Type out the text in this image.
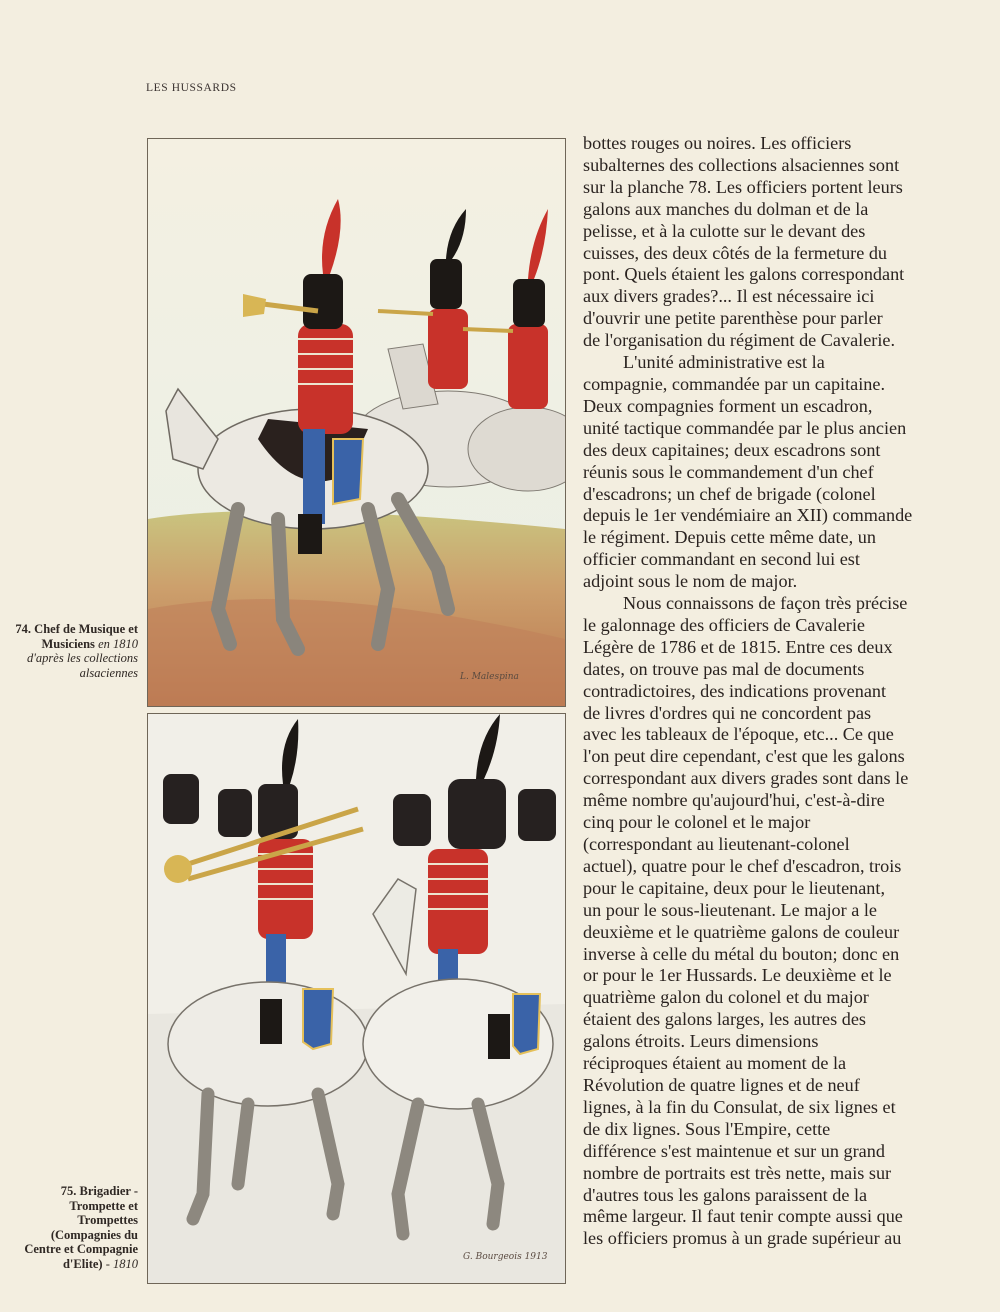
LES HUSSARDS
L. Malespina
74. Chef de Musique et Musiciens en 1810 d'après les collections alsaciennes
G. Bourgeois 1913
75. Brigadier - Trompette et Trompettes (Compagnies du Centre et Compagnie d'Elite) - 1810
bottes rouges ou noires. Les officiers
subalternes des collections alsaciennes sont
sur la planche 78. Les officiers portent leurs
galons aux manches du dolman et de la
pelisse, et à la culotte sur le devant des
cuisses, des deux côtés de la fermeture du
pont. Quels étaient les galons correspondant
aux divers grades?... Il est nécessaire ici
d'ouvrir une petite parenthèse pour parler
de l'organisation du régiment de Cavalerie.
L'unité administrative est la
compagnie, commandée par un capitaine.
Deux compagnies forment un escadron,
unité tactique commandée par le plus ancien
des deux capitaines; deux escadrons sont
réunis sous le commandement d'un chef
d'escadrons; un chef de brigade (colonel
depuis le 1er vendémiaire an XII) commande
le régiment. Depuis cette même date, un
officier commandant en second lui est
adjoint sous le nom de major.
Nous connaissons de façon très précise
le galonnage des officiers de Cavalerie
Légère de 1786 et de 1815. Entre ces deux
dates, on trouve pas mal de documents
contradictoires, des indications provenant
de livres d'ordres qui ne concordent pas
avec les tableaux de l'époque, etc... Ce que
l'on peut dire cependant, c'est que les galons
correspondant aux divers grades sont dans le
même nombre qu'aujourd'hui, c'est-à-dire
cinq pour le colonel et le major
(correspondant au lieutenant-colonel
actuel), quatre pour le chef d'escadron, trois
pour le capitaine, deux pour le lieutenant,
un pour le sous-lieutenant. Le major a le
deuxième et le quatrième galons de couleur
inverse à celle du métal du bouton; donc en
or pour le 1er Hussards. Le deuxième et le
quatrième galon du colonel et du major
étaient des galons larges, les autres des
galons étroits. Leurs dimensions
réciproques étaient au moment de la
Révolution de quatre lignes et de neuf
lignes, à la fin du Consulat, de six lignes et
de dix lignes. Sous l'Empire, cette
différence s'est maintenue et sur un grand
nombre de portraits est très nette, mais sur
d'autres tous les galons paraissent de la
même largeur. Il faut tenir compte aussi que
les officiers promus à un grade supérieur au
